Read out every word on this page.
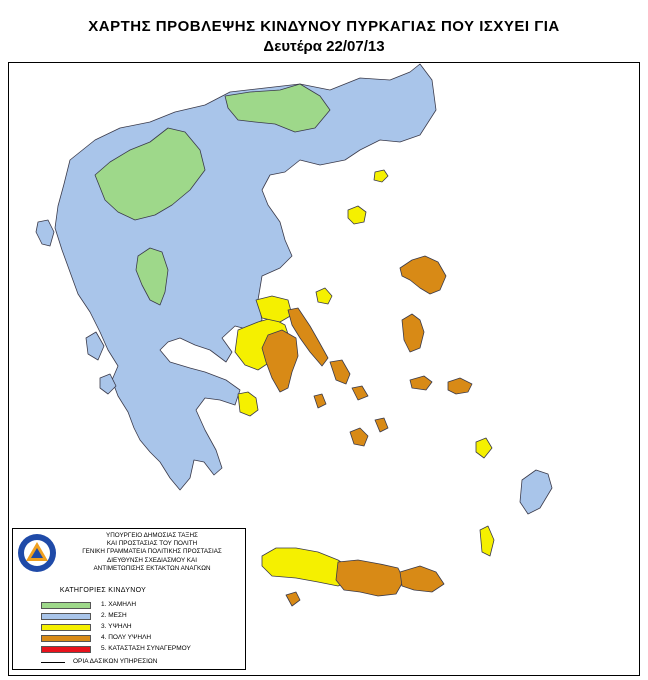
ΧΑΡΤΗΣ ΠΡΟΒΛΕΨΗΣ ΚΙΝΔΥΝΟΥ ΠΥΡΚΑΓΙΑΣ ΠΟΥ ΙΣΧΥΕΙ ΓΙΑ
Δευτέρα 22/07/13
ΥΠΟΥΡΓΕΙΟ ΔΗΜΟΣΙΑΣ ΤΑΞΗΣ
ΚΑΙ ΠΡΟΣΤΑΣΙΑΣ ΤΟΥ ΠΟΛΙΤΗ
ΓΕΝΙΚΗ ΓΡΑΜΜΑΤΕΙΑ ΠΟΛΙΤΙΚΗΣ ΠΡΟΣΤΑΣΙΑΣ
ΔΙΕΥΘΥΝΣΗ ΣΧΕΔΙΑΣΜΟΥ ΚΑΙ
ΑΝΤΙΜΕΤΩΠΙΣΗΣ ΕΚΤΑΚΤΩΝ ΑΝΑΓΚΩΝ
ΚΑΤΗΓΟΡΙΕΣ ΚΙΝΔΥΝΟΥ
1. ΧΑΜΗΛΗ
2. ΜΕΣΗ
3. ΥΨΗΛΗ
4. ΠΟΛΥ ΥΨΗΛΗ
5. ΚΑΤΑΣΤΑΣΗ ΣΥΝΑΓΕΡΜΟΥ
ΟΡΙΑ ΔΑΣΙΚΩΝ ΥΠΗΡΕΣΙΩΝ
